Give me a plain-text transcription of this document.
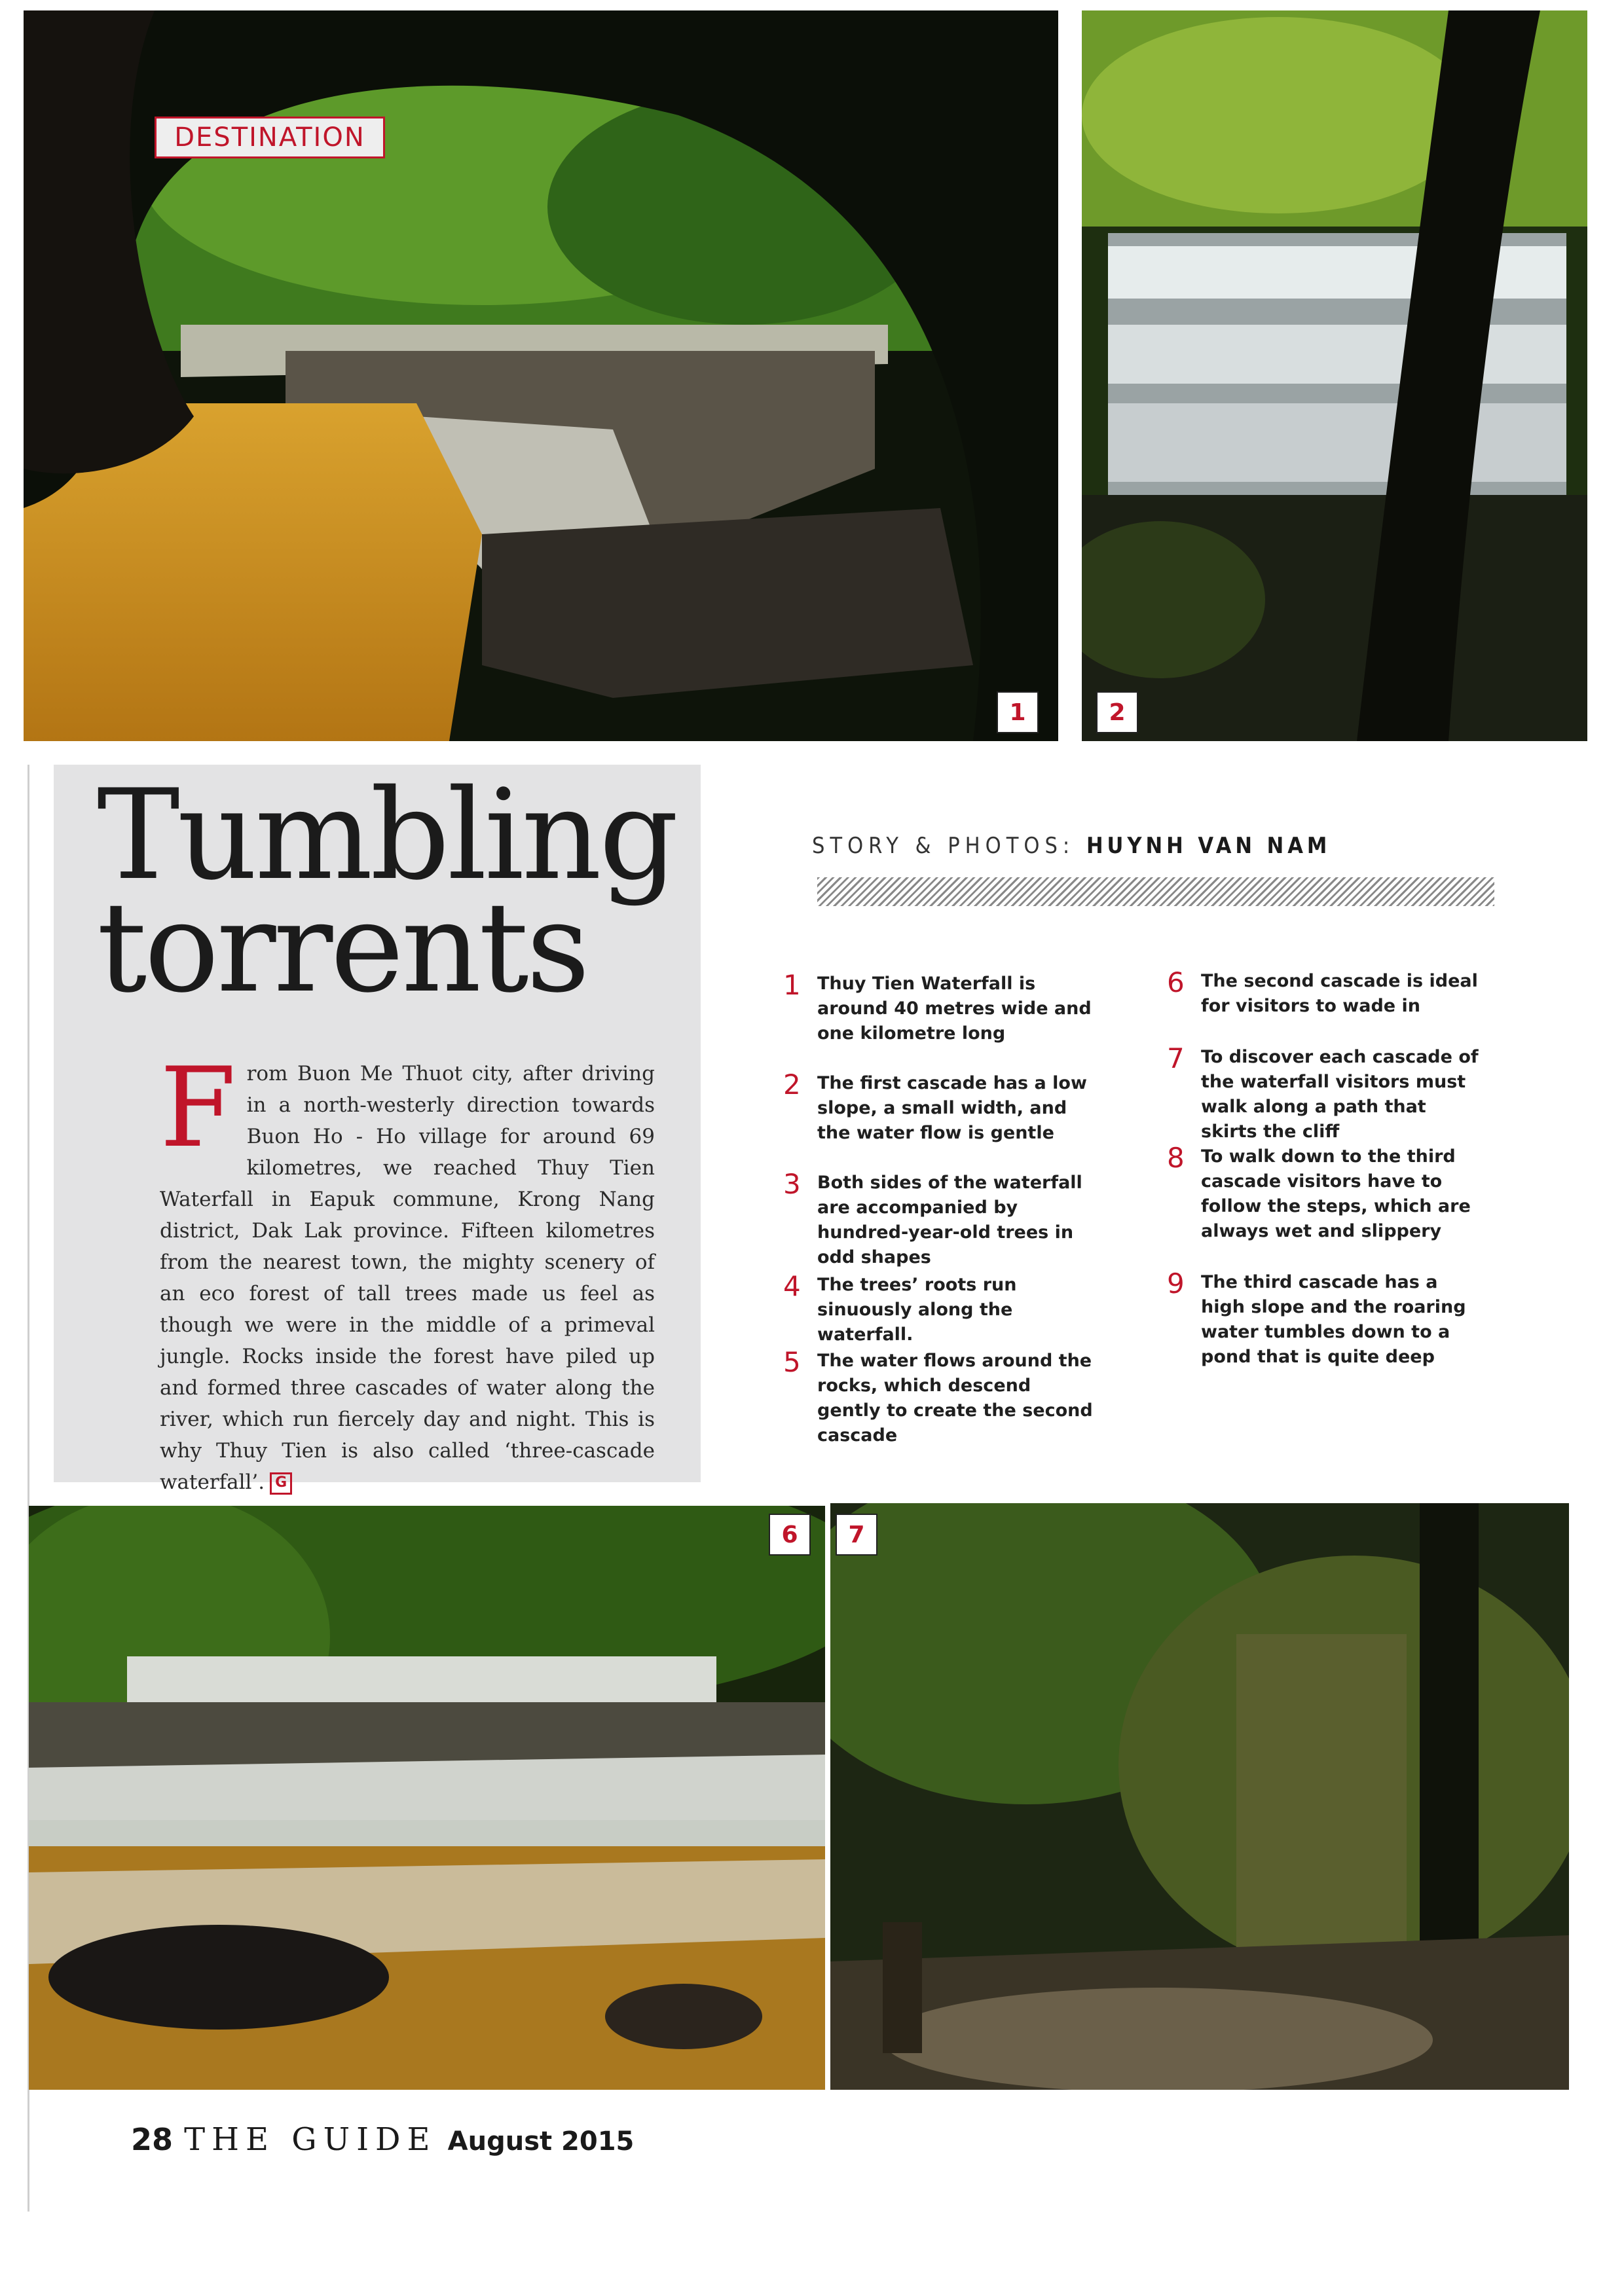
DESTINATION
1	2
Tumbling
torrents
From Buon Me Thuot city, after driving in a north-westerly direction towards Buon Ho - Ho village for around 69 kilometres, we reached Thuy Tien Waterfall in Eapuk commune, Krong Nang district, Dak Lak province. Fifteen kilometres from the nearest town, the mighty scenery of an eco forest of tall trees made us feel as though we were in the middle of a primeval jungle. Rocks inside the forest have piled up and formed three cascades of water along the river, which run fiercely day and night. This is why Thuy Tien is also called ‘three-cascade waterfall’. G
STORY & PHOTOS: HUYNH VAN NAM
1 Thuy Tien Waterfall is around 40 metres wide and one kilometre long
2 The first cascade has a low slope, a small width, and the water flow is gentle
3 Both sides of the waterfall are accompanied by hundred-year-old trees in odd shapes
4 The trees’ roots run sinuously along the waterfall.
5 The water flows around the rocks, which descend gently to create the second cascade
6 The second cascade is ideal for visitors to wade in
7 To discover each cascade of the waterfall visitors must walk along a path that skirts the cliff
8 To walk down to the third cascade visitors have to follow the steps, which are always wet and slippery
9 The third cascade has a high slope and the roaring water tumbles down to a pond that is quite deep
6	7
28 THE GUIDE August 2015
